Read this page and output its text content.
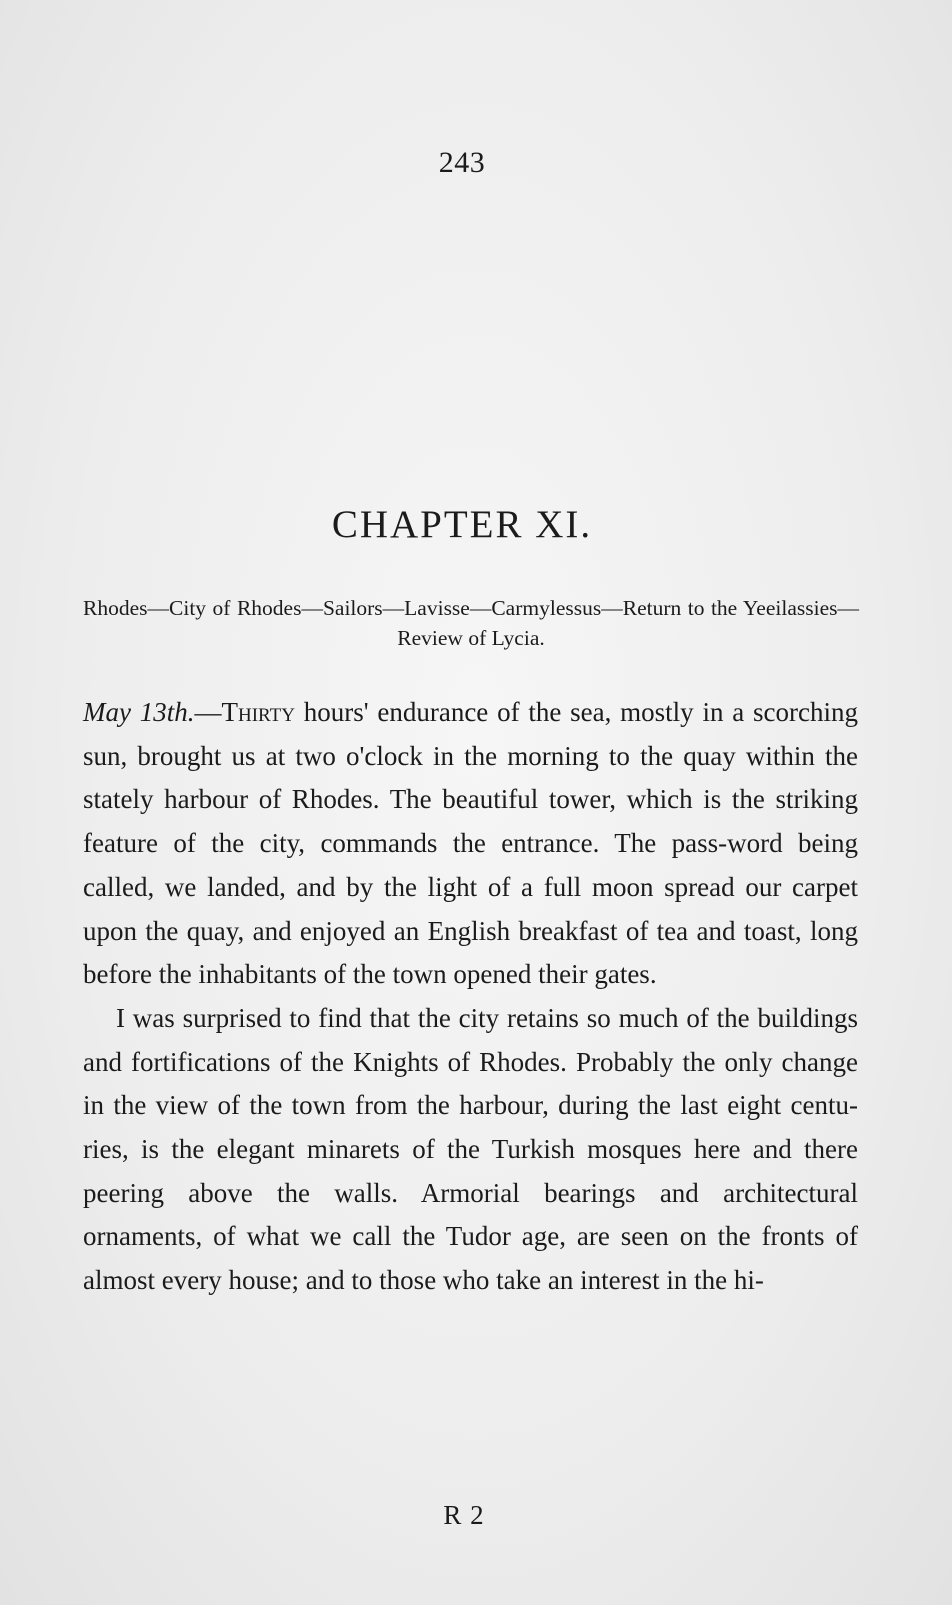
243
CHAPTER XI.
Rhodes—City of Rhodes—Sailors—Lavisse—Carmylessus—Return to the Yeeilassies—Review of Lycia.

May 13th.—Thirty hours' endurance of the sea, mostly in a scorching sun, brought us at two o'clock in the morning to the quay within the stately harbour of Rhodes. The beautiful tower, which is the striking feature of the city, commands the entrance. The pass-word being called, we landed, and by the light of a full moon spread our carpet upon the quay, and enjoyed an English breakfast of tea and toast, long before the inhabitants of the town opened their gates.

I was surprised to find that the city retains so much of the buildings and fortifications of the Knights of Rhodes. Probably the only change in the view of the town from the harbour, during the last eight centu-ries, is the elegant minarets of the Turkish mosques here and there peering above the walls. Armorial bearings and architectural ornaments, of what we call the Tudor age, are seen on the fronts of almost every house; and to those who take an interest in the hi-

R 2
